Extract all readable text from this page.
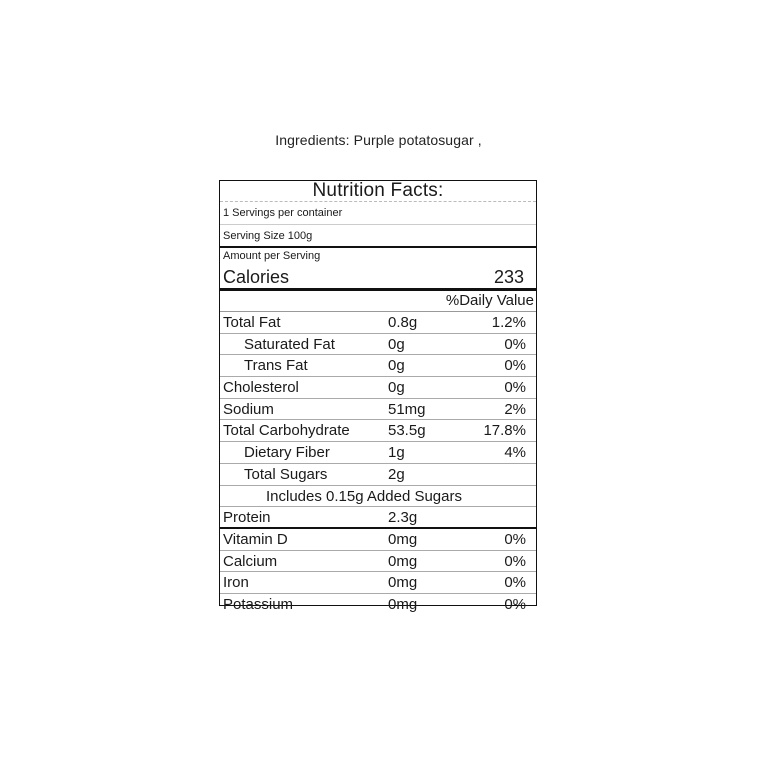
Ingredients: Purple potatosugar ,
Nutrition Facts:
1 Servings per container
Serving Size 100g
Amount per Serving
Calories	233
%Daily Value
Total Fat	0.8g	1.2%
Saturated Fat	0g	0%
Trans Fat	0g	0%
Cholesterol	0g	0%
Sodium	51mg	2%
Total Carbohydrate	53.5g	17.8%
Dietary Fiber	1g	4%
Total Sugars	2g
Includes 0.15g Added Sugars
Protein	2.3g
Vitamin D	0mg	0%
Calcium	0mg	0%
Iron	0mg	0%
Potassium	0mg	0%
